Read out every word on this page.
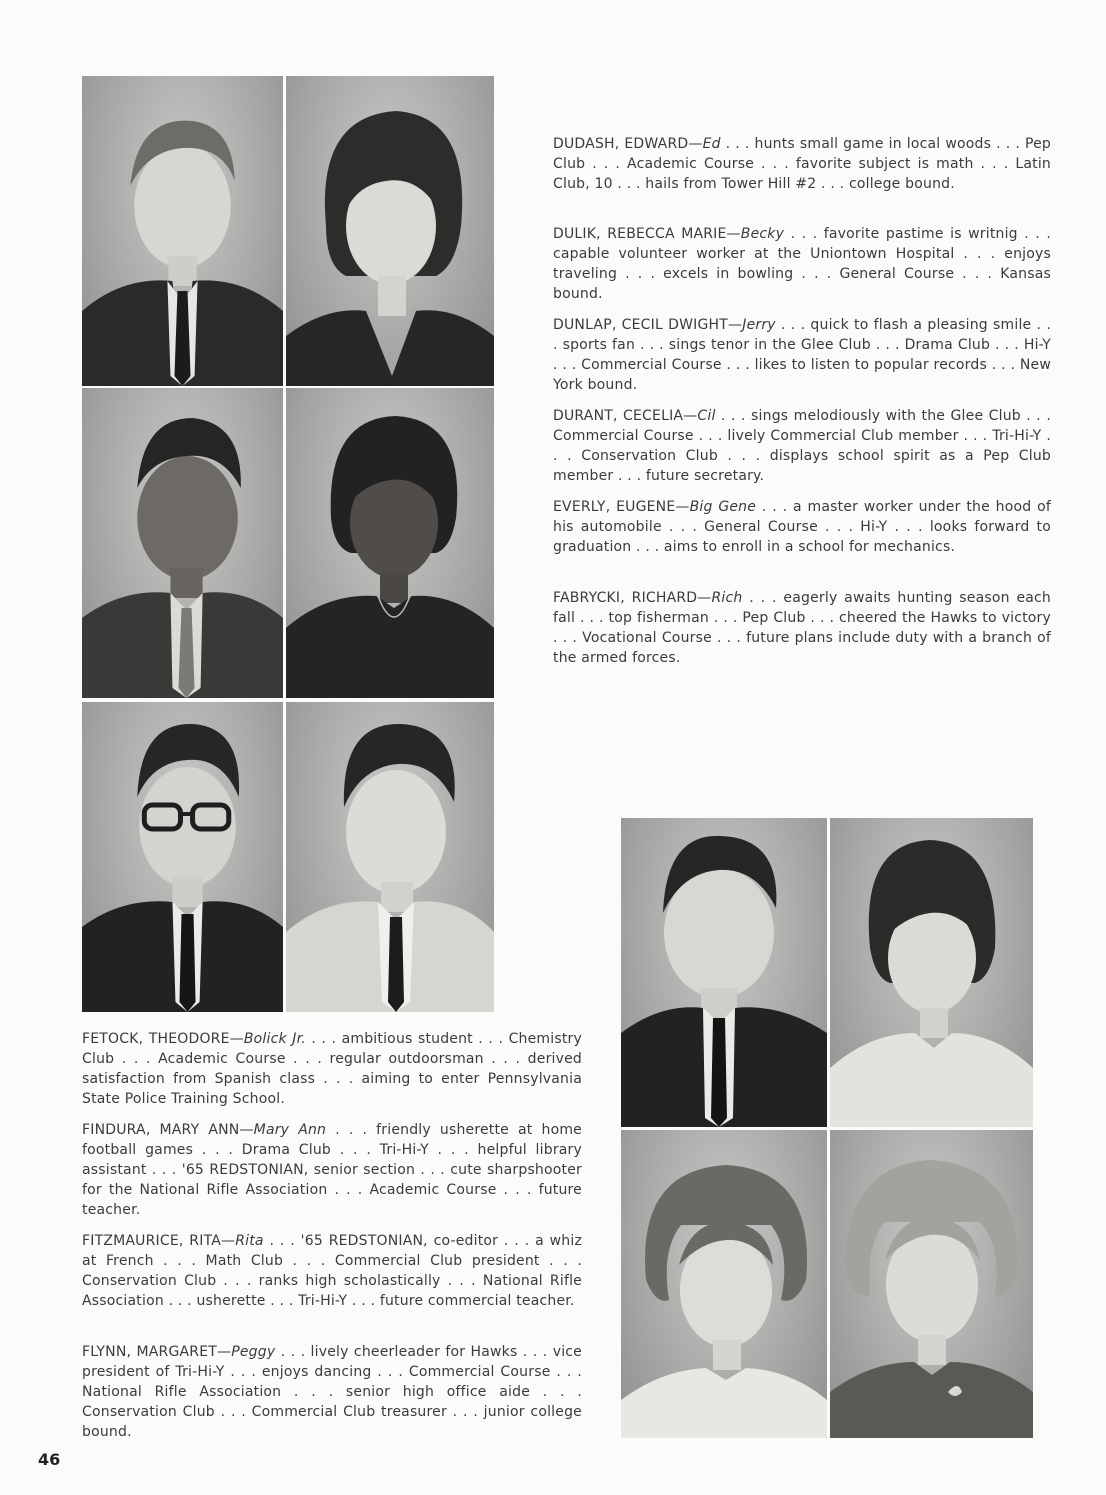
DUDASH, EDWARD—Ed . . . hunts small game in local woods . . . Pep Club . . . Academic Course . . . favorite subject is math . . . Latin Club, 10 . . . hails from Tower Hill #2 . . . college bound.

DULIK, REBECCA MARIE—Becky . . . favorite pastime is writnig . . . capable volunteer worker at the Uniontown Hospital . . . enjoys traveling . . . excels in bowling . . . General Course . . . Kansas bound.

DUNLAP, CECIL DWIGHT—Jerry . . . quick to flash a pleasing smile . . . sports fan . . . sings tenor in the Glee Club . . . Drama Club . . . Hi-Y . . . Commercial Course . . . likes to listen to popular records . . . New York bound.

DURANT, CECELIA—Cil . . . sings melodiously with the Glee Club . . . Commercial Course . . . lively Commercial Club member . . . Tri-Hi-Y . . . Conservation Club . . . displays school spirit as a Pep Club member . . . future secretary.

EVERLY, EUGENE—Big Gene . . . a master worker under the hood of his automobile . . . General Course . . . Hi-Y . . . looks forward to graduation . . . aims to enroll in a school for mechanics.

FABRYCKI, RICHARD—Rich . . . eagerly awaits hunting season each fall . . . top fisherman . . . Pep Club . . . cheered the Hawks to victory . . . Vocational Course . . . future plans include duty with a branch of the armed forces.

FETOCK, THEODORE—Bolick Jr. . . . ambitious student . . . Chemistry Club . . . Academic Course . . . regular outdoorsman . . . derived satisfaction from Spanish class . . . aiming to enter Pennsylvania State Police Training School.

FINDURA, MARY ANN—Mary Ann . . . friendly usherette at home football games . . . Drama Club . . . Tri-Hi-Y . . . helpful library assistant . . . '65 REDSTONIAN, senior section . . . cute sharpshooter for the National Rifle Association . . . Academic Course . . . future teacher.

FITZMAURICE, RITA—Rita . . . '65 REDSTONIAN, co-editor . . . a whiz at French . . . Math Club . . . Commercial Club president . . . Conservation Club . . . ranks high scholastically . . . National Rifle Association . . . usherette . . . Tri-Hi-Y . . . future commercial teacher.

FLYNN, MARGARET—Peggy . . . lively cheerleader for Hawks . . . vice president of Tri-Hi-Y . . . enjoys dancing . . . Commercial Course . . . National Rifle Association . . . senior high office aide . . . Conservation Club . . . Commercial Club treasurer . . . junior college bound.

46
